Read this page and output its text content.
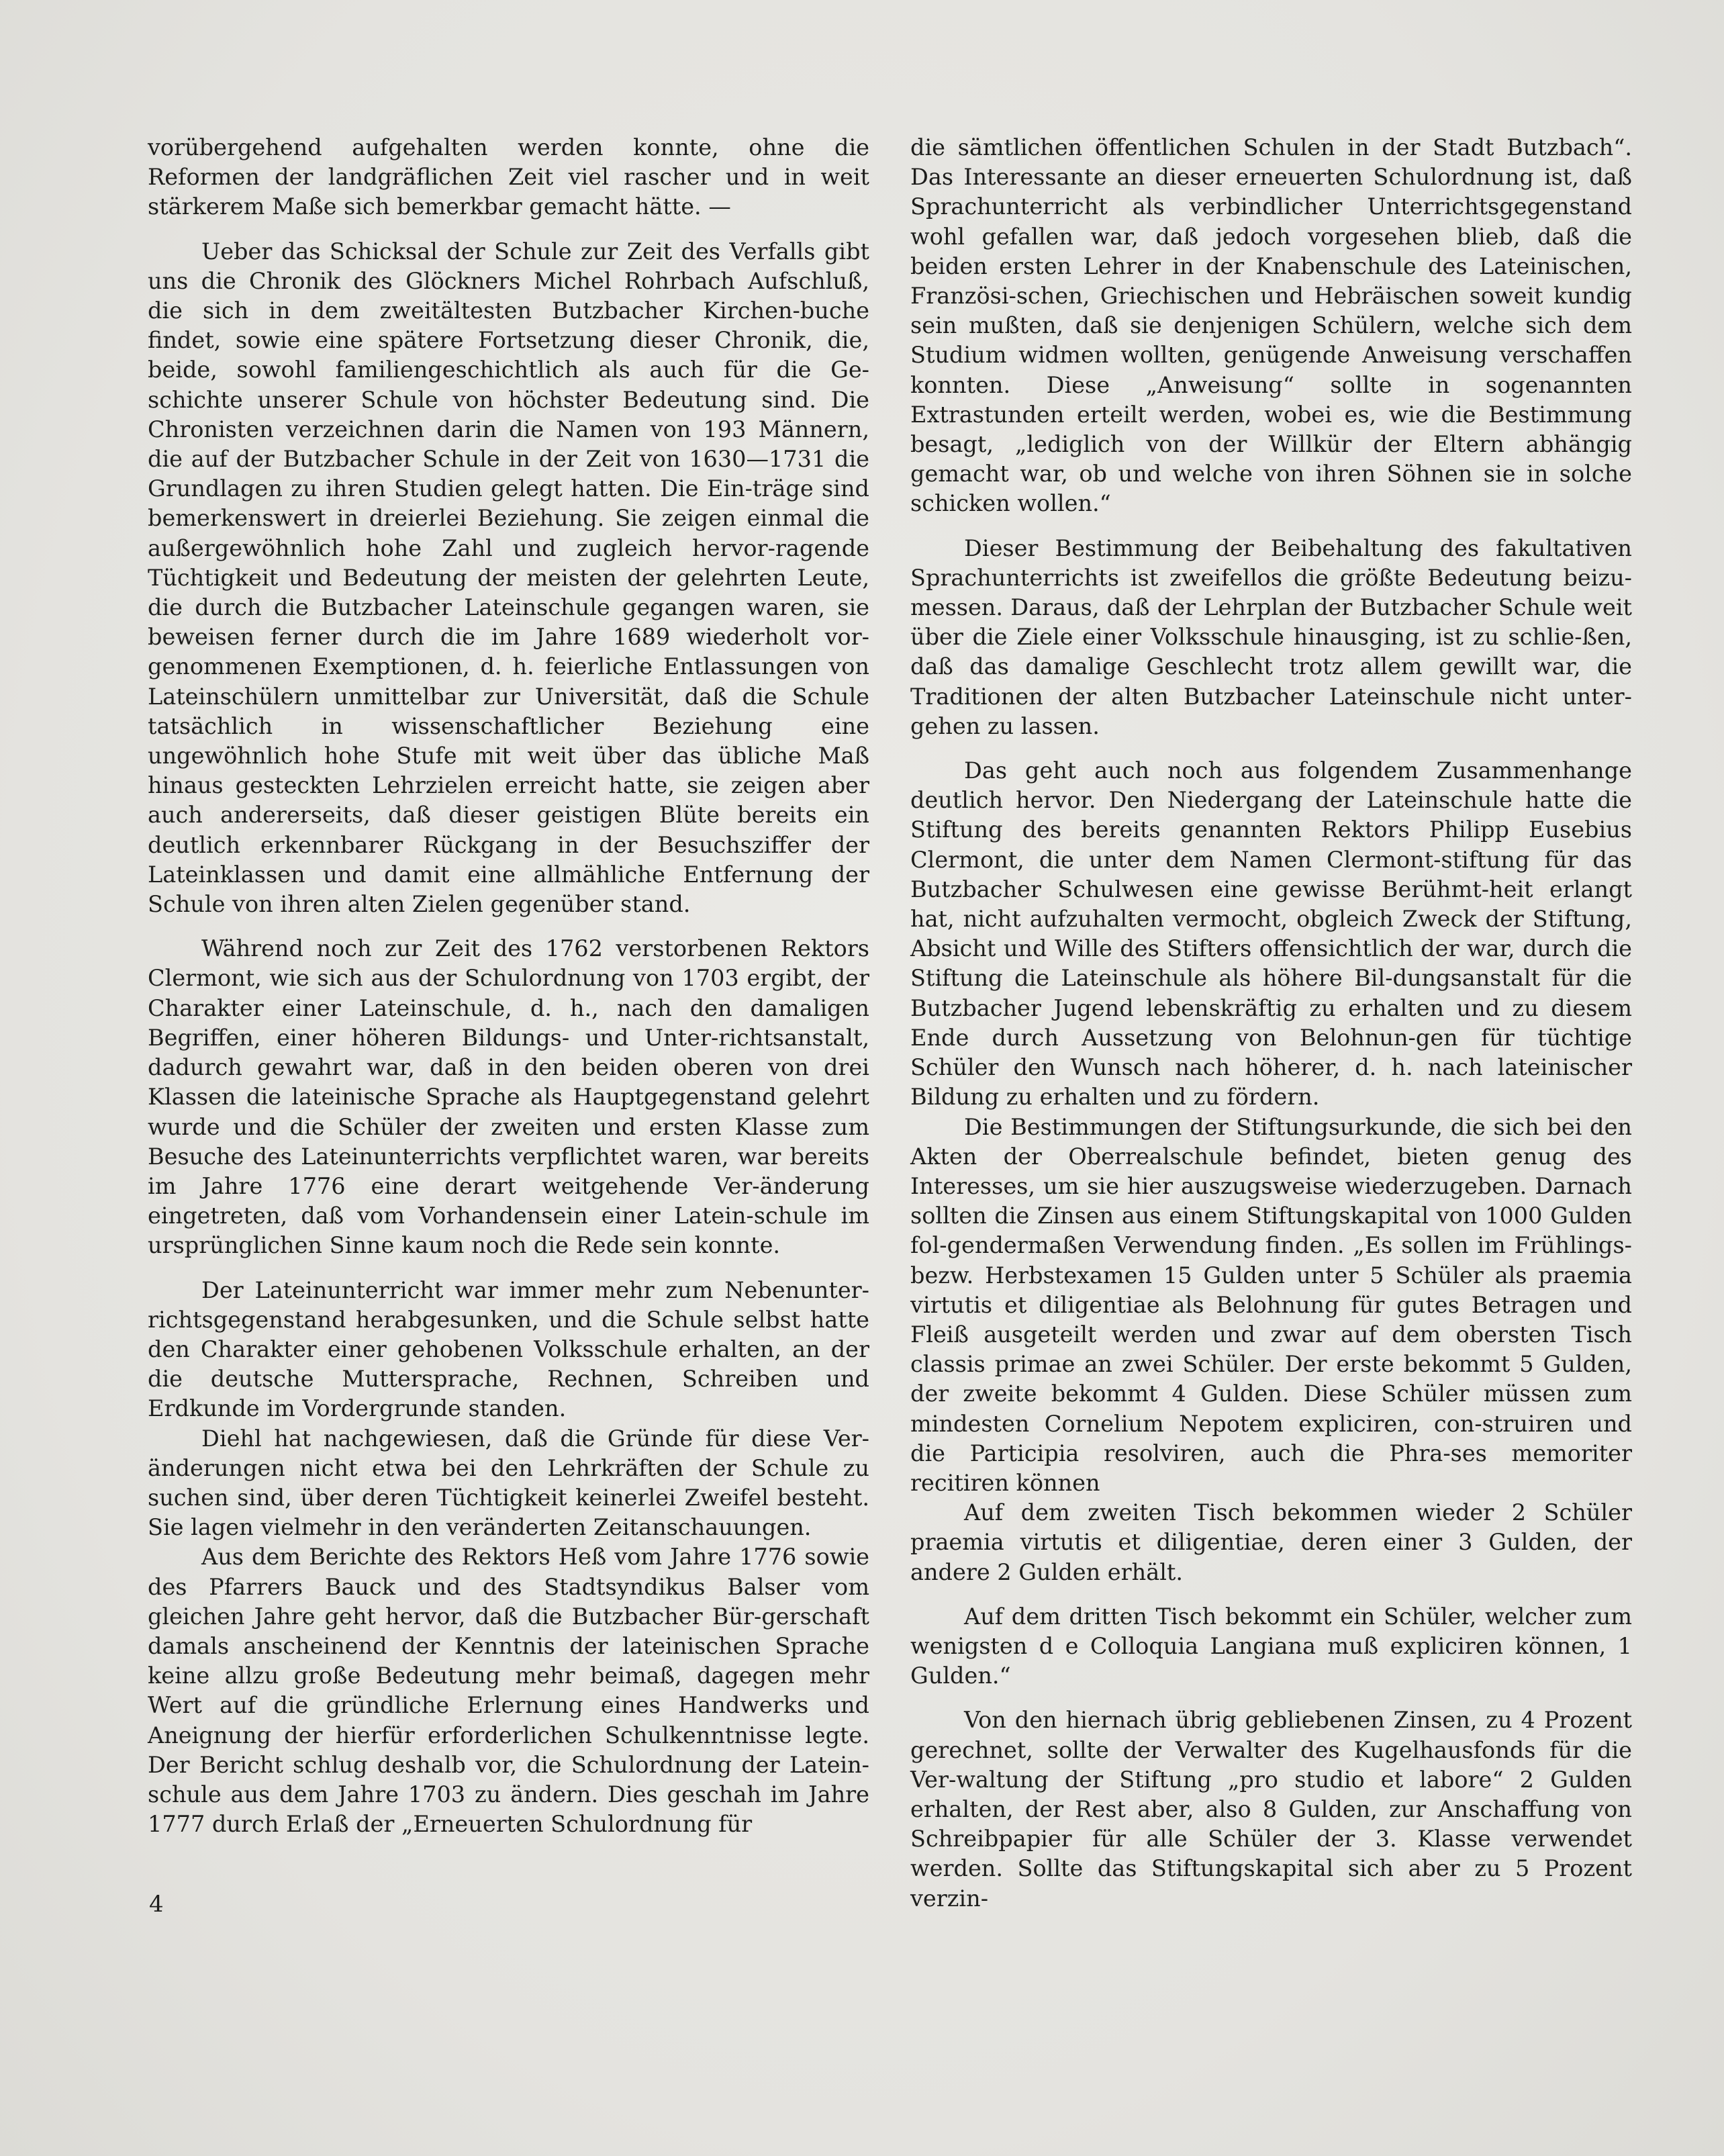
vorübergehend aufgehalten werden konnte, ohne die Reformen der landgräflichen Zeit viel rascher und in weit stärkerem Maße sich bemerkbar gemacht hätte. —

Ueber das Schicksal der Schule zur Zeit des Verfalls gibt uns die Chronik des Glöckners Michel Rohrbach Aufschluß, die sich in dem zweitältesten Butzbacher Kirchen-buche findet, sowie eine spätere Fortsetzung dieser Chronik, die, beide, sowohl familiengeschichtlich als auch für die Ge-schichte unserer Schule von höchster Bedeutung sind. Die Chronisten verzeichnen darin die Namen von 193 Männern, die auf der Butzbacher Schule in der Zeit von 1630—1731 die Grundlagen zu ihren Studien gelegt hatten. Die Ein-träge sind bemerkenswert in dreierlei Beziehung. Sie zeigen einmal die außergewöhnlich hohe Zahl und zugleich hervor-ragende Tüchtigkeit und Bedeutung der meisten der gelehrten Leute, die durch die Butzbacher Lateinschule gegangen waren, sie beweisen ferner durch die im Jahre 1689 wiederholt vor-genommenen Exemptionen, d. h. feierliche Entlassungen von Lateinschülern unmittelbar zur Universität, daß die Schule tatsächlich in wissenschaftlicher Beziehung eine ungewöhnlich hohe Stufe mit weit über das übliche Maß hinaus gesteckten Lehrzielen erreicht hatte, sie zeigen aber auch andererseits, daß dieser geistigen Blüte bereits ein deutlich erkennbarer Rückgang in der Besuchsziffer der Lateinklassen und damit eine allmähliche Entfernung der Schule von ihren alten Zielen gegenüber stand.

Während noch zur Zeit des 1762 verstorbenen Rektors Clermont, wie sich aus der Schulordnung von 1703 ergibt, der Charakter einer Lateinschule, d. h., nach den damaligen Begriffen, einer höheren Bildungs- und Unter-richtsanstalt, dadurch gewahrt war, daß in den beiden oberen von drei Klassen die lateinische Sprache als Hauptgegenstand gelehrt wurde und die Schüler der zweiten und ersten Klasse zum Besuche des Lateinunterrichts verpflichtet waren, war bereits im Jahre 1776 eine derart weitgehende Ver-änderung eingetreten, daß vom Vorhandensein einer Latein-schule im ursprünglichen Sinne kaum noch die Rede sein konnte.

Der Lateinunterricht war immer mehr zum Nebenunter-richtsgegenstand herabgesunken, und die Schule selbst hatte den Charakter einer gehobenen Volksschule erhalten, an der die deutsche Muttersprache, Rechnen, Schreiben und Erdkunde im Vordergrunde standen.

Diehl hat nachgewiesen, daß die Gründe für diese Ver-änderungen nicht etwa bei den Lehrkräften der Schule zu suchen sind, über deren Tüchtigkeit keinerlei Zweifel besteht. Sie lagen vielmehr in den veränderten Zeitanschauungen.

Aus dem Berichte des Rektors Heß vom Jahre 1776 sowie des Pfarrers Bauck und des Stadtsyndikus Balser vom gleichen Jahre geht hervor, daß die Butzbacher Bür-gerschaft damals anscheinend der Kenntnis der lateinischen Sprache keine allzu große Bedeutung mehr beimaß, dagegen mehr Wert auf die gründliche Erlernung eines Handwerks und Aneignung der hierfür erforderlichen Schulkenntnisse legte. Der Bericht schlug deshalb vor, die Schulordnung der Latein-schule aus dem Jahre 1703 zu ändern. Dies geschah im Jahre 1777 durch Erlaß der „Erneuerten Schulordnung für

die sämtlichen öffentlichen Schulen in der Stadt Butzbach“. Das Interessante an dieser erneuerten Schulordnung ist, daß Sprachunterricht als verbindlicher Unterrichtsgegenstand wohl gefallen war, daß jedoch vorgesehen blieb, daß die beiden ersten Lehrer in der Knabenschule des Lateinischen, Französi-schen, Griechischen und Hebräischen soweit kundig sein mußten, daß sie denjenigen Schülern, welche sich dem Studium widmen wollten, genügende Anweisung verschaffen konnten. Diese „Anweisung“ sollte in sogenannten Extrastunden erteilt werden, wobei es, wie die Bestimmung besagt, „lediglich von der Willkür der Eltern abhängig gemacht war, ob und welche von ihren Söhnen sie in solche schicken wollen.“

Dieser Bestimmung der Beibehaltung des fakultativen Sprachunterrichts ist zweifellos die größte Bedeutung beizu-messen. Daraus, daß der Lehrplan der Butzbacher Schule weit über die Ziele einer Volksschule hinausging, ist zu schlie-ßen, daß das damalige Geschlecht trotz allem gewillt war, die Traditionen der alten Butzbacher Lateinschule nicht unter-gehen zu lassen.

Das geht auch noch aus folgendem Zusammenhange deutlich hervor. Den Niedergang der Lateinschule hatte die Stiftung des bereits genannten Rektors Philipp Eusebius Clermont, die unter dem Namen Clermont-stiftung für das Butzbacher Schulwesen eine gewisse Berühmt-heit erlangt hat, nicht aufzuhalten vermocht, obgleich Zweck der Stiftung, Absicht und Wille des Stifters offensichtlich der war, durch die Stiftung die Lateinschule als höhere Bil-dungsanstalt für die Butzbacher Jugend lebenskräftig zu erhalten und zu diesem Ende durch Aussetzung von Belohnun-gen für tüchtige Schüler den Wunsch nach höherer, d. h. nach lateinischer Bildung zu erhalten und zu fördern.

Die Bestimmungen der Stiftungsurkunde, die sich bei den Akten der Oberrealschule befindet, bieten genug des Interesses, um sie hier auszugsweise wiederzugeben. Darnach sollten die Zinsen aus einem Stiftungskapital von 1000 Gulden fol-gendermaßen Verwendung finden. „Es sollen im Frühlings- bezw. Herbstexamen 15 Gulden unter 5 Schüler als praemia virtutis et diligentiae als Belohnung für gutes Betragen und Fleiß ausgeteilt werden und zwar auf dem obersten Tisch classis primae an zwei Schüler. Der erste bekommt 5 Gulden, der zweite bekommt 4 Gulden. Diese Schüler müssen zum mindesten Cornelium Nepotem expliciren, con-struiren und die Participia resolviren, auch die Phra-ses memoriter recitiren können

Auf dem zweiten Tisch bekommen wieder 2 Schüler praemia virtutis et diligentiae, deren einer 3 Gulden, der andere 2 Gulden erhält.

Auf dem dritten Tisch bekommt ein Schüler, welcher zum wenigsten d e Colloquia Langiana muß expliciren können, 1 Gulden.“

Von den hiernach übrig gebliebenen Zinsen, zu 4 Prozent gerechnet, sollte der Verwalter des Kugelhausfonds für die Ver-waltung der Stiftung „pro studio et labore“ 2 Gulden erhalten, der Rest aber, also 8 Gulden, zur Anschaffung von Schreibpapier für alle Schüler der 3. Klasse verwendet werden. Sollte das Stiftungskapital sich aber zu 5 Prozent verzin-

4
